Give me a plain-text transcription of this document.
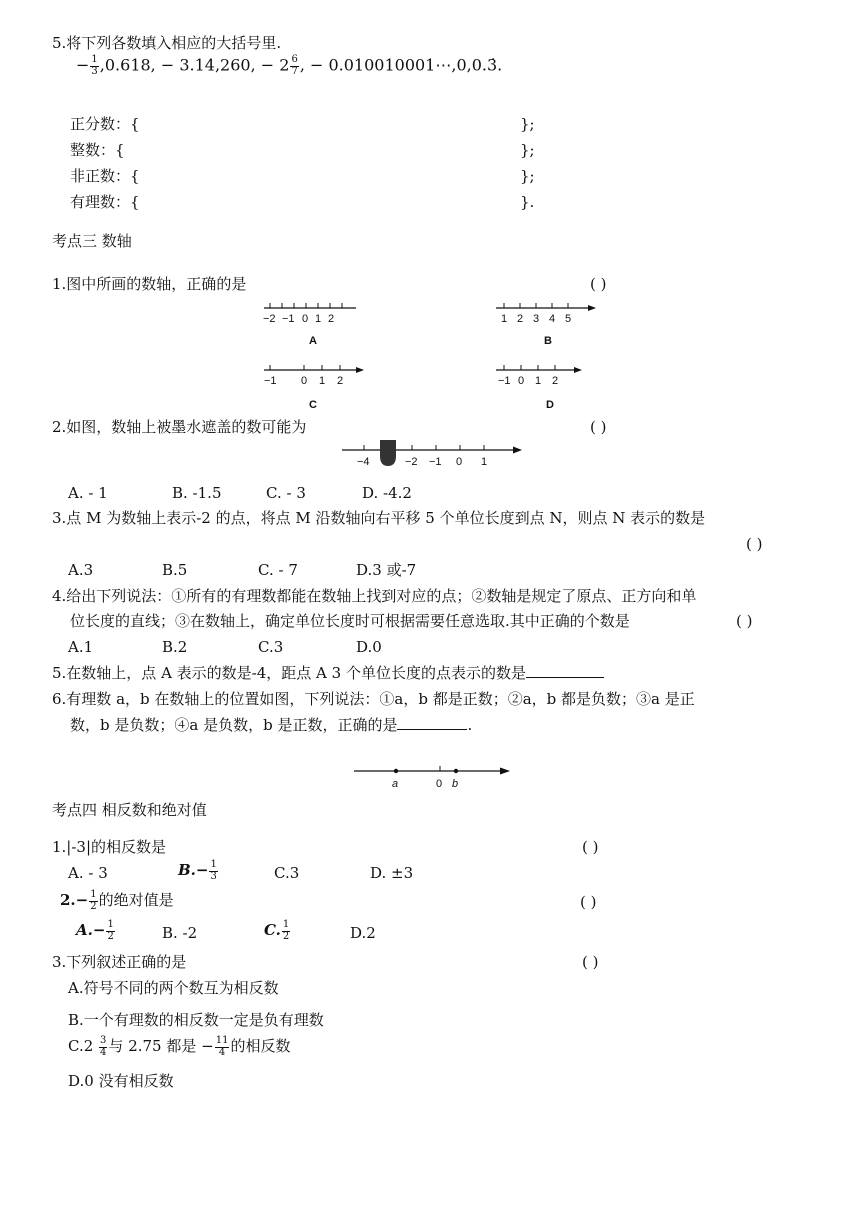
5.将下列各数填入相应的大括号里.
− $\frac{1}{3} ,0.618$, − 3.14,260, − $2 \frac{6}{7}$ , − 0.010010001⋯,0,0.3̇.
正分数：{	};
整数：{	};
非正数：{	};
有理数：{	}.
考点三 数轴
1.图中所画的数轴，正确的是	( )
−2 −1 0 1 2
A
1 2 3 4 5
B
−1 0 1 2
C
−1 0 1 2
D
2.如图，数轴上被墨水遮盖的数可能为	( )
−4	−2 −1 0 1
A. - 1	B. -1.5	C. - 3	D. -4.2
3.点 M 为数轴上表示-2 的点，将点 M 沿数轴向右平移 5 个单位长度到点 N，则点 N 表示的数是
( )
A.3	B.5	C. - 7	D.3 或-7
4.给出下列说法：①所有的有理数都能在数轴上找到对应的点；②数轴是规定了原点、正方向和单
位长度的直线；③在数轴上，确定单位长度时可根据需要任意选取.其中正确的个数是	( )
A.1	B.2	C.3	D.0
5.在数轴上，点 A 表示的数是-4，距点 A 3 个单位长度的点表示的数是
6.有理数 a，b 在数轴上的位置如图，下列说法：①a，b 都是正数；②a，b 都是负数；③a 是正
数，b 是负数；④a 是负数，b 是正数，正确的是	.
a	0 b
考点四 相反数和绝对值
1.|-3|的相反数是	( )
A. - 3	$B.- \frac{1}{3}$	C.3	D. ±3
$2.- \frac{1}{2}$ 的绝对值是	( )
$A.- \frac{1}{2}$	B. -2	C. $\frac{1}{2}$	D.2
3.下列叙述正确的是	( )
A.符号不同的两个数互为相反数
B.一个有理数的相反数一定是负有理数
$C.2 \frac{3}{4}$ 与 2.75 都是 − $\frac{11}{4}$ 的相反数
D.0 没有相反数
